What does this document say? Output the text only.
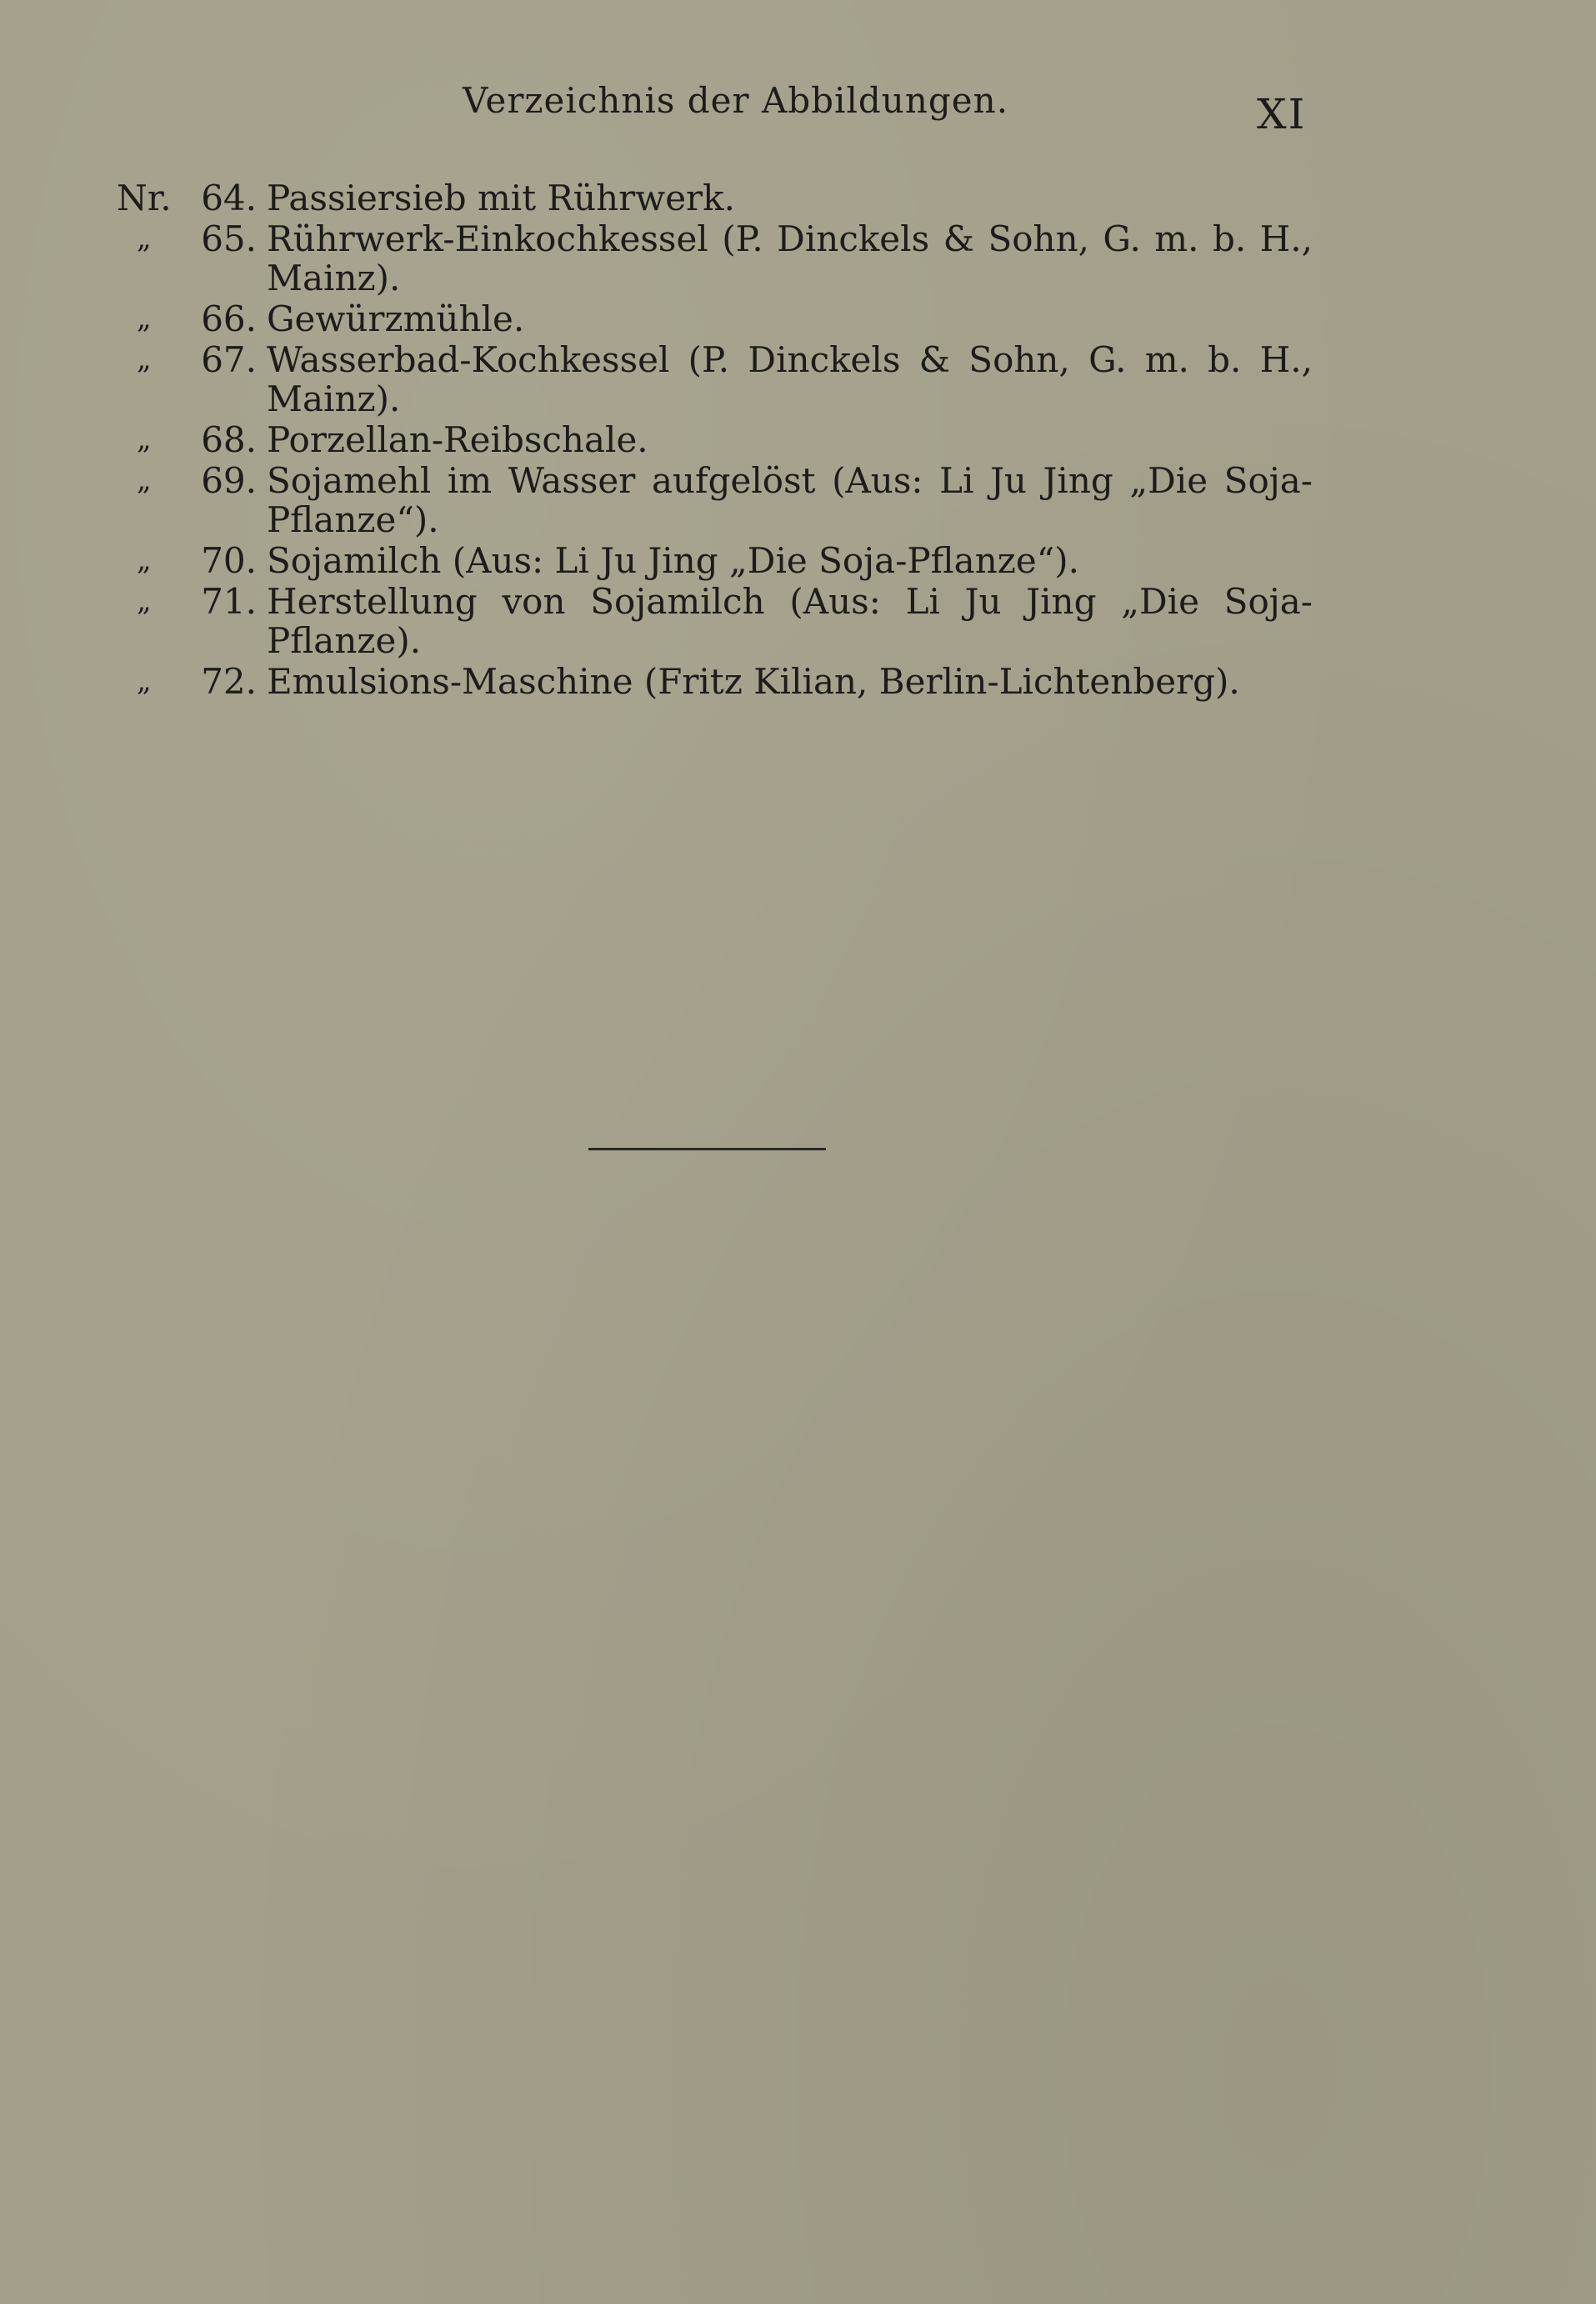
Verzeichnis der Abbildungen.	XI
Nr. 64. Passiersieb mit Rührwerk.
„	65. Rührwerk-Einkochkessel (P. Dinckels & Sohn, G. m. b. H., Mainz).
„	66. Gewürzmühle.
„	67. Wasserbad-Kochkessel (P. Dinckels & Sohn, G. m. b. H., Mainz).
„	68. Porzellan-Reibschale.
„	69. Sojamehl im Wasser aufgelöst (Aus: Li Ju Jing „Die Soja-Pflanze“).
„	70. Sojamilch (Aus: Li Ju Jing „Die Soja-Pflanze“).
„	71. Herstellung von Sojamilch (Aus: Li Ju Jing „Die Soja-Pflanze).
„	72. Emulsions-Maschine (Fritz Kilian, Berlin-Lichtenberg).
